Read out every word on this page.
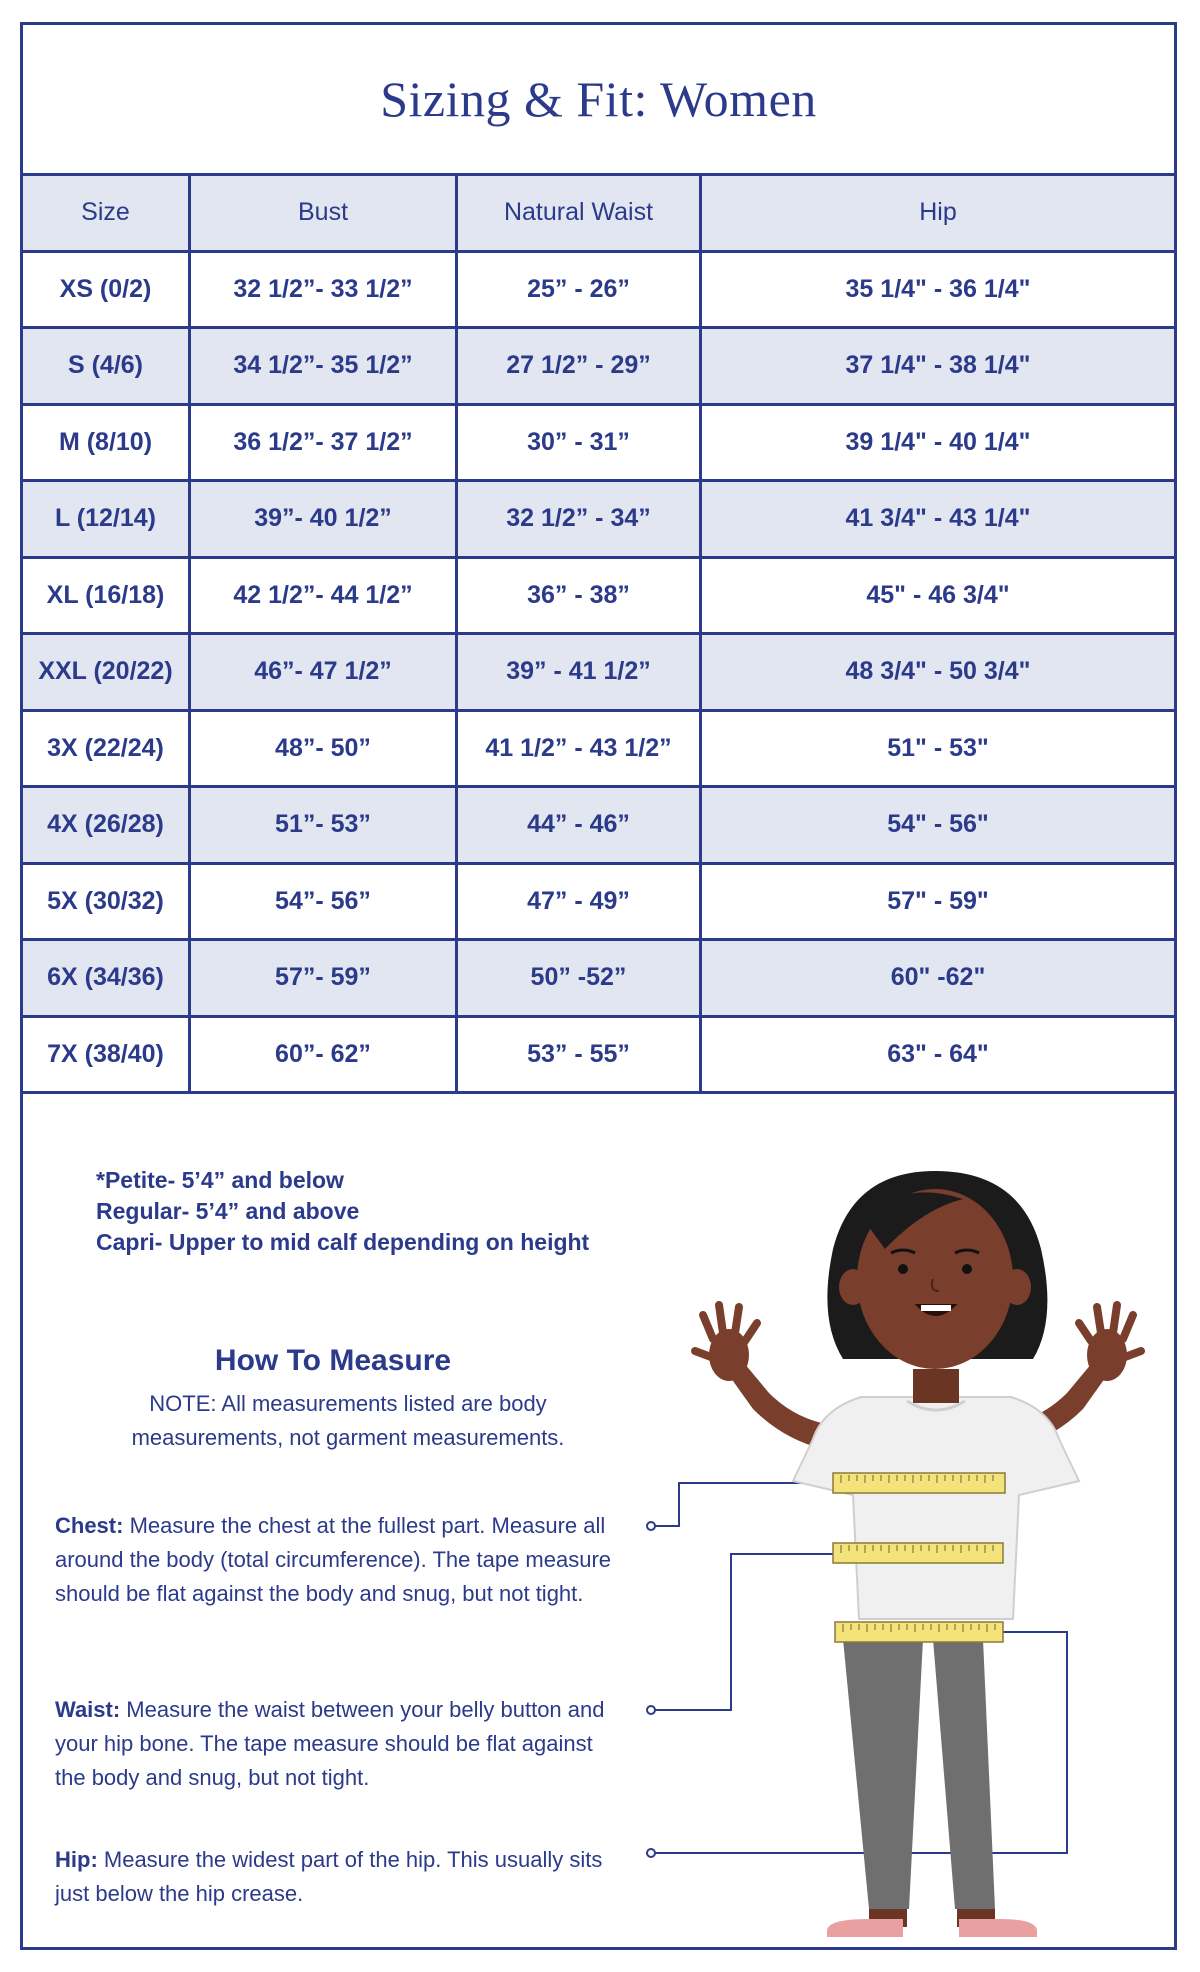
Sizing & Fit: Women
Size	Bust	Natural Waist	Hip
XS (0/2)	32 1/2”- 33 1/2”	25” - 26”	35 1/4" - 36 1/4"
S (4/6)	34 1/2”- 35 1/2”	27 1/2” - 29”	37 1/4" - 38 1/4"
M (8/10)	36 1/2”- 37 1/2”	30” - 31”	39 1/4" - 40 1/4"
L (12/14)	39”- 40 1/2”	32 1/2” - 34”	41 3/4" - 43 1/4"
XL (16/18)	42 1/2”- 44 1/2”	36” - 38”	45" - 46 3/4"
XXL (20/22)	46”- 47 1/2”	39” - 41 1/2”	48 3/4" - 50 3/4"
3X (22/24)	48”- 50”	41 1/2” - 43 1/2”	51" - 53"
4X (26/28)	51”- 53”	44” - 46”	54" - 56"
5X (30/32)	54”- 56”	47” - 49”	57" - 59"
6X (34/36)	57”- 59”	50” -52”	60" -62"
7X (38/40)	60”- 62”	53” - 55”	63" - 64"
*Petite- 5’4” and below
Regular- 5’4” and above
Capri- Upper to mid calf depending on height
How To Measure
NOTE: All measurements listed are body
measurements, not garment measurements.
Chest: Measure the chest at the fullest part. Measure all around the body (total circumference). The tape measure should be flat against the body and snug, but not tight.
Waist: Measure the waist between your belly button and your hip bone. The tape measure should be flat against the body and snug, but not tight.
Hip: Measure the widest part of the hip. This usually sits just below the hip crease.
